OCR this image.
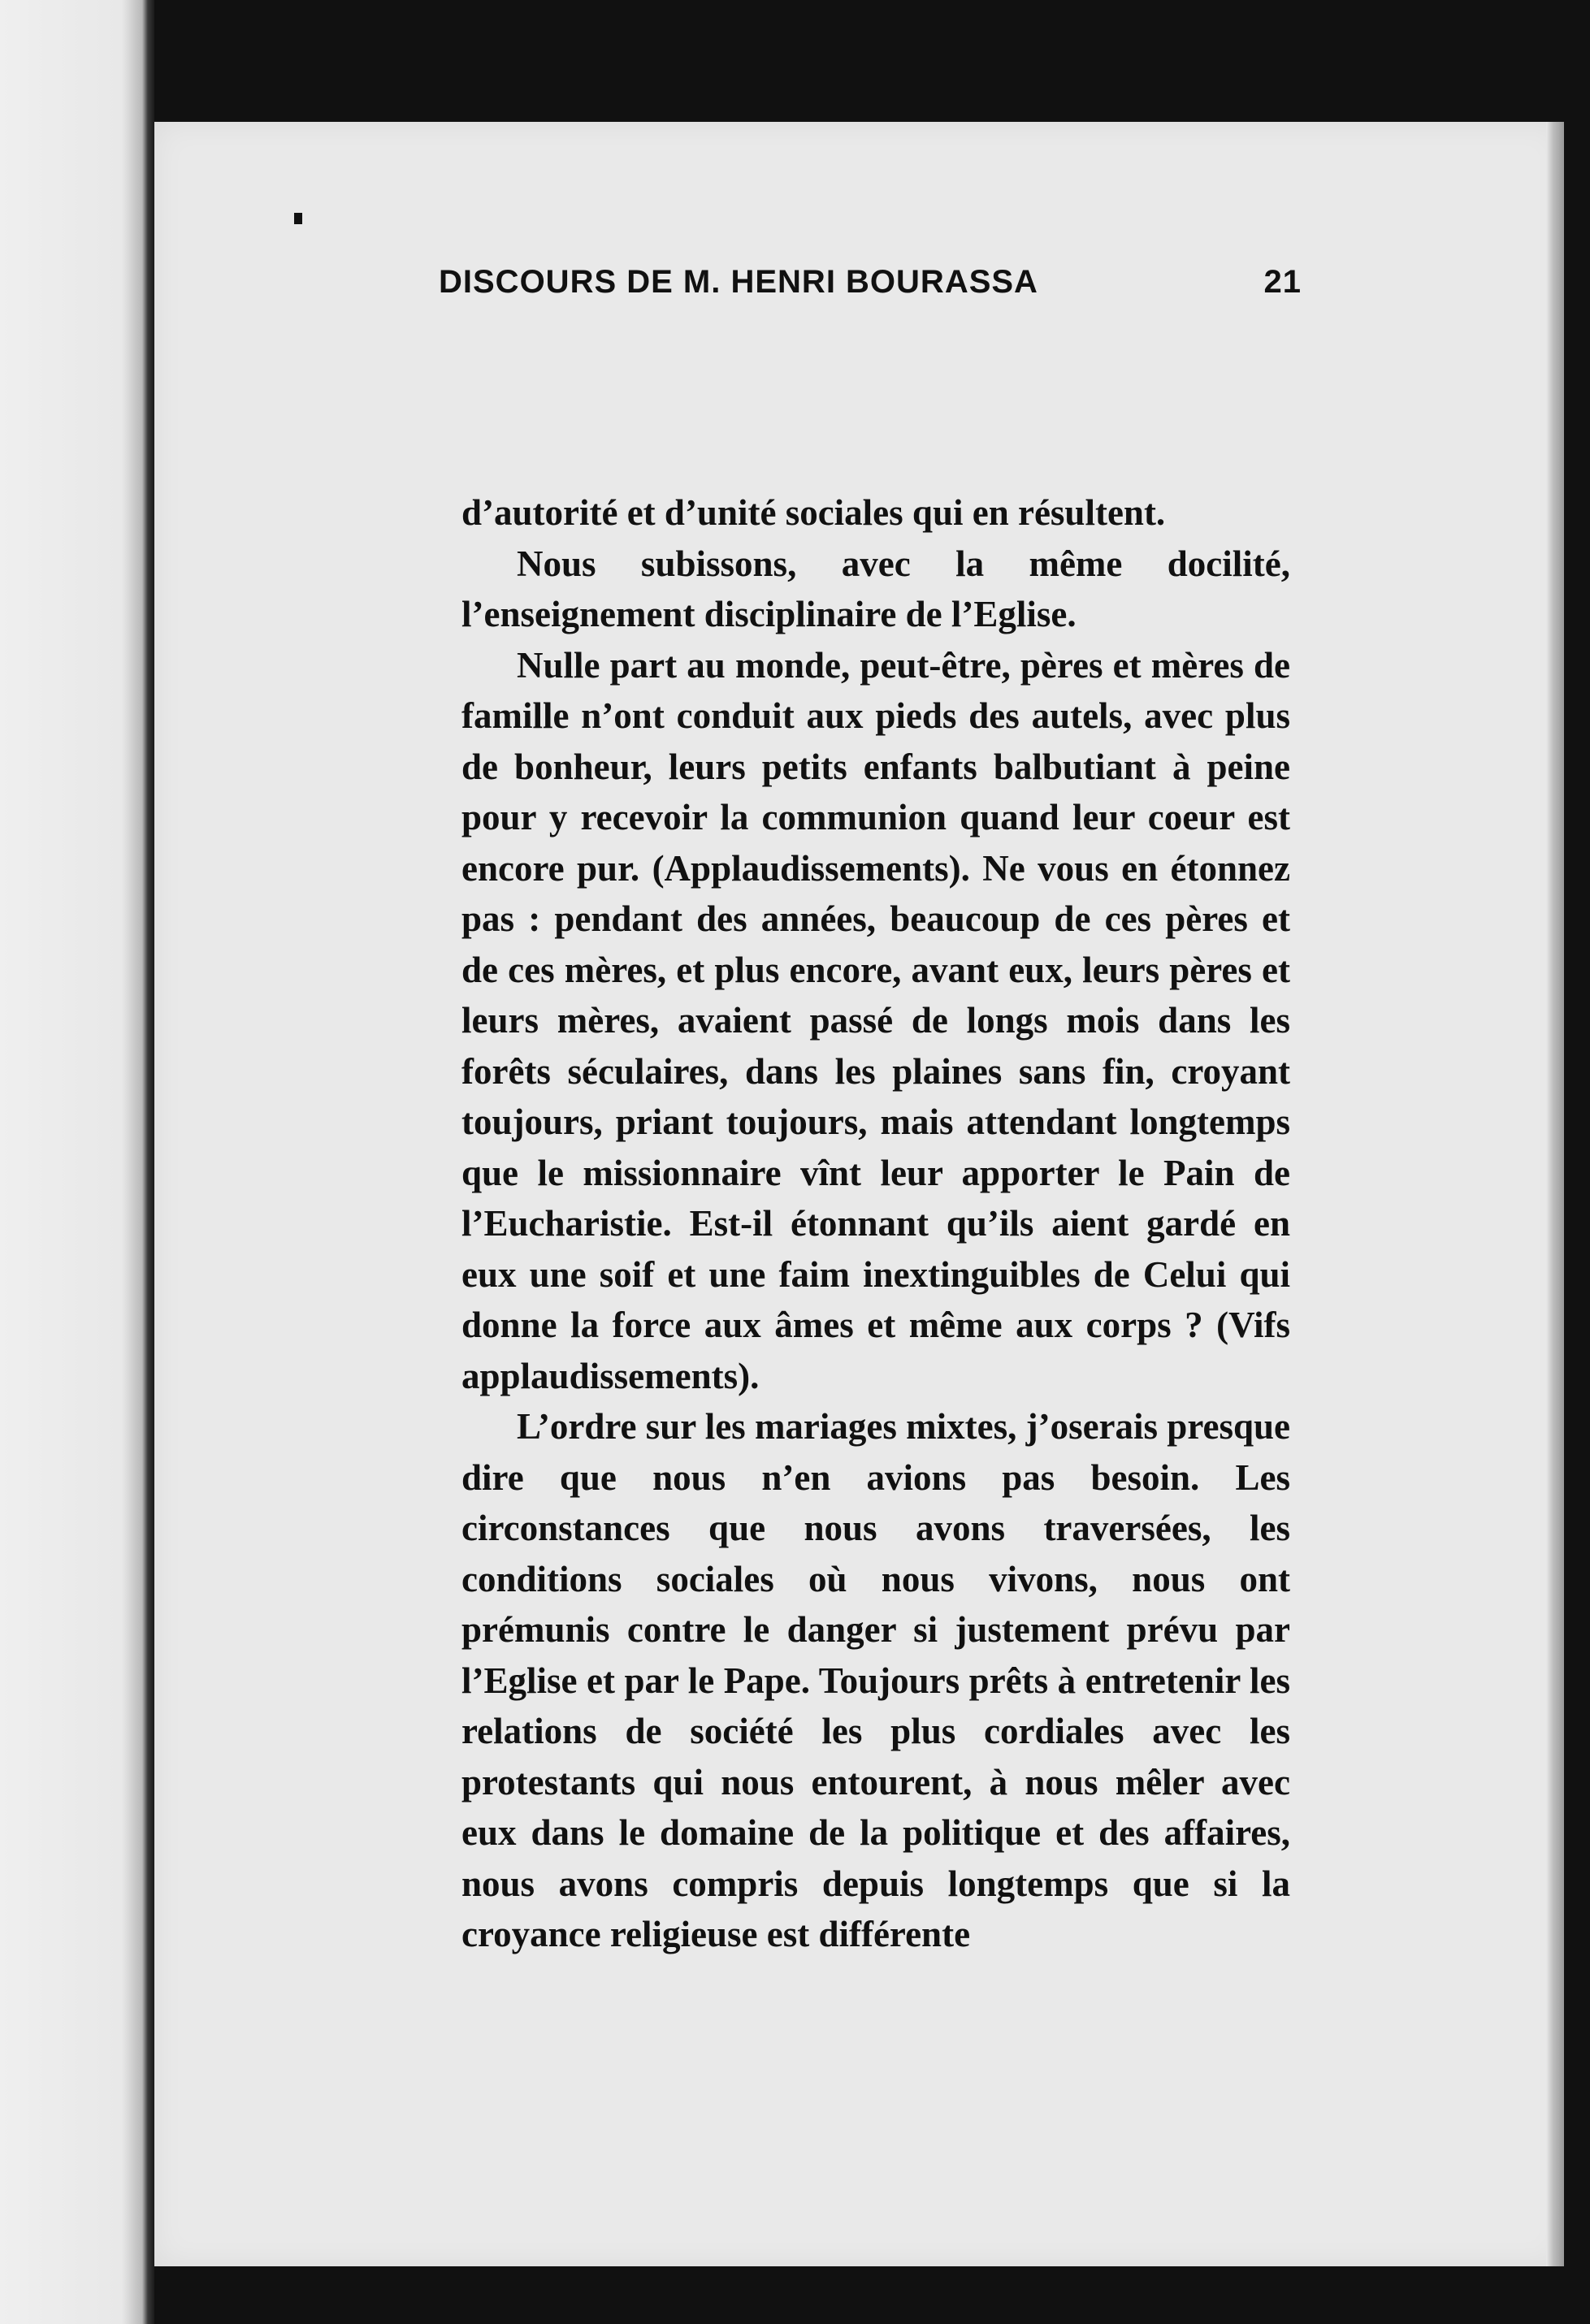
DISCOURS DE M. HENRI BOURASSA	21

d’autorité et d’unité sociales qui en résultent.

Nous subissons, avec la même docilité, l’enseignement disciplinaire de l’Eglise.

Nulle part au monde, peut-être, pères et mères de famille n’ont conduit aux pieds des autels, avec plus de bonheur, leurs petits enfants balbutiant à peine pour y recevoir la communion quand leur coeur est encore pur. (Applaudissements). Ne vous en étonnez pas : pendant des années, beaucoup de ces pères et de ces mères, et plus encore, avant eux, leurs pères et leurs mères, avaient passé de longs mois dans les forêts séculaires, dans les plaines sans fin, croyant toujours, priant toujours, mais attendant longtemps que le missionnaire vînt leur apporter le Pain de l’Eucharistie. Est-il étonnant qu’ils aient gardé en eux une soif et une faim inextinguibles de Celui qui donne la force aux âmes et même aux corps ? (Vifs applaudissements).

L’ordre sur les mariages mixtes, j’oserais presque dire que nous n’en avions pas besoin. Les circonstances que nous avons traversées, les conditions sociales où nous vivons, nous ont prémunis contre le danger si justement prévu par l’Eglise et par le Pape. Toujours prêts à entretenir les relations de société les plus cordiales avec les protestants qui nous entourent, à nous mêler avec eux dans le domaine de la politique et des affaires, nous avons compris depuis longtemps que si la croyance religieuse est différente
